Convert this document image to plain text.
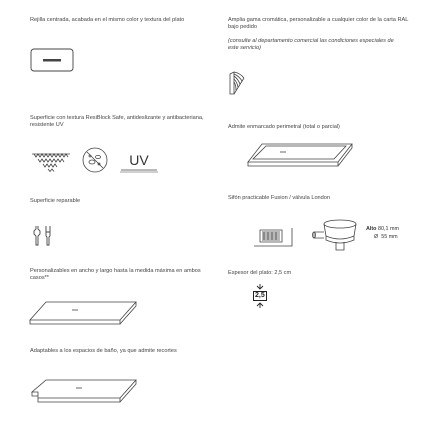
Rejilla centrada, acabada en el mismo color y textura del plato
Superficie con textura ResiBlock Safe, antideslizante y antibacteriana, resistente UV
UV
Superficie reparable
Personalizables en ancho y largo hasta la medida máxima en ambos casos**
Adaptables a los espacios de baño, ya que admite recortes
Amplia gama cromática, personalizable a cualquier color de la carta RAL bajo pedido
(consulte al departamento comercial las condiciones especiales de este servicio)
Admite enmarcado perimetral (total o parcial)
Sifón practicable Fusion / válvula London
Alto 80,1 mm
Ø 55 mm
Espesor del plato: 2,5 cm
2,5
